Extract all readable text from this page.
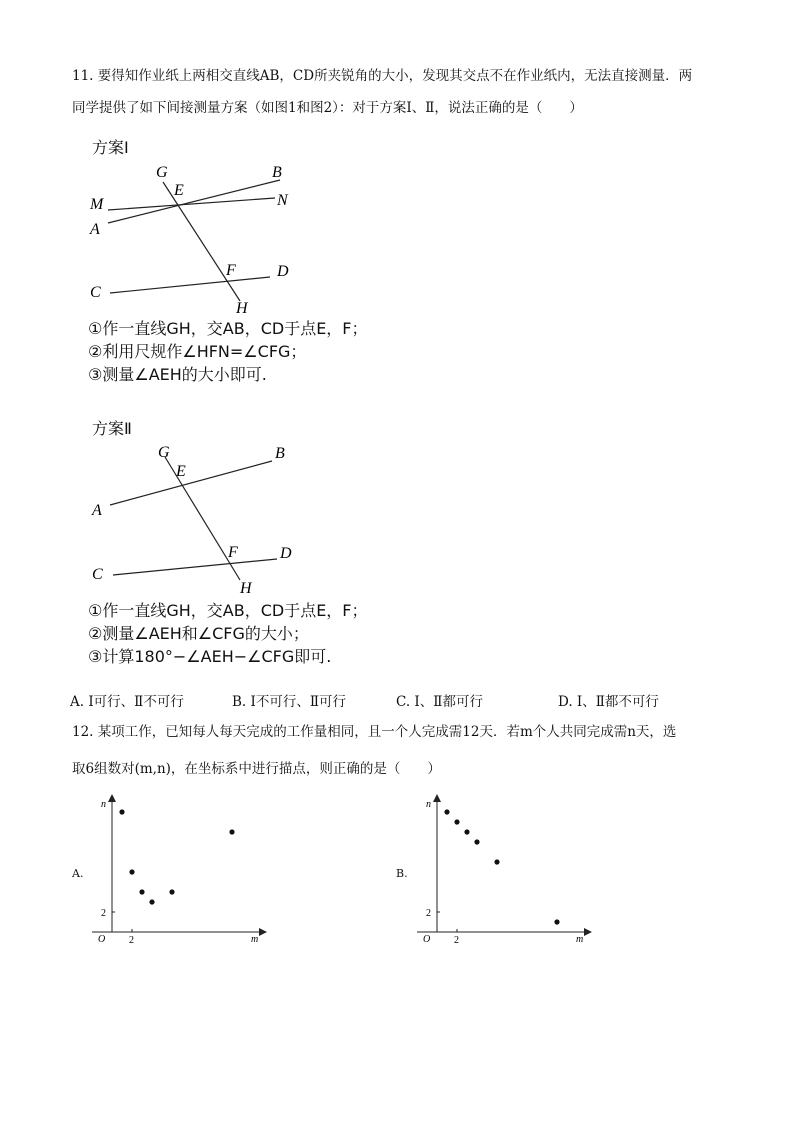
11. 要得知作业纸上两相交直线AB，CD所夹锐角的大小，发现其交点不在作业纸内，无法直接测量．两
同学提供了如下间接测量方案（如图1和图2）：对于方案Ⅰ、Ⅱ，说法正确的是（　　）
方案Ⅰ
G
E
B
M	N
A
F	D
C
H
①作一直线GH，交AB，CD于点E，F；
②利用尺规作∠HFN=∠CFG；
③测量∠AEH的大小即可.
方案Ⅱ
G
E
B
A
F	D
C
H
①作一直线GH，交AB，CD于点E，F；
②测量∠AEH和∠CFG的大小；
③计算180°−∠AEH−∠CFG即可.
A. Ⅰ可行、Ⅱ不可行	B. Ⅰ不可行、Ⅱ可行	C. Ⅰ、Ⅱ都可行	D. Ⅰ、Ⅱ都不可行
12. 某项工作，已知每人每天完成的工作量相同，且一个人完成需12天．若m个人共同完成需n天，选
取6组数对(m,n)，在坐标系中进行描点，则正确的是（　　）
A.
n
m
O 2
2
B.
n
m
O 2
2
